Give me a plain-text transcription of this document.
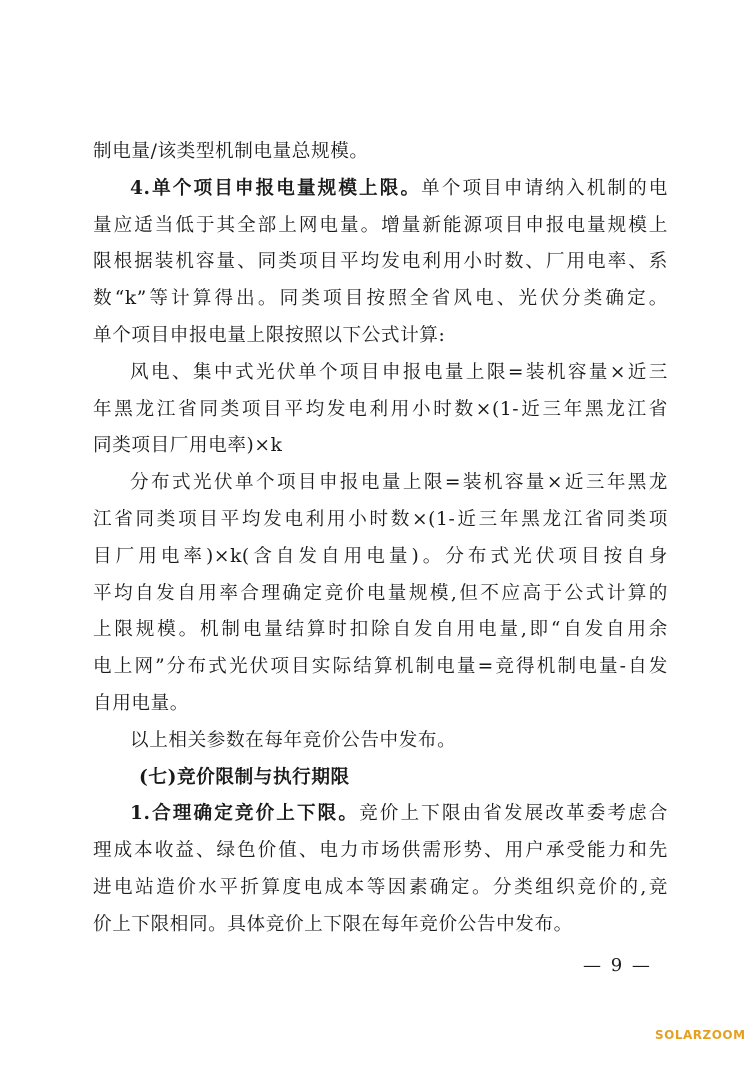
制电量/该类型机制电量总规模。
4.单个项目申报电量规模上限。单个项目申请纳入机制的电
量应适当低于其全部上网电量。增量新能源项目申报电量规模上
限根据装机容量、同类项目平均发电利用小时数、厂用电率、系
数“k”等计算得出。同类项目按照全省风电、光伏分类确定。
单个项目申报电量上限按照以下公式计算:
风电、集中式光伏单个项目申报电量上限=装机容量×近三
年黑龙江省同类项目平均发电利用小时数×(1-近三年黑龙江省
同类项目厂用电率)×k
分布式光伏单个项目申报电量上限=装机容量×近三年黑龙
江省同类项目平均发电利用小时数×(1-近三年黑龙江省同类项
目厂用电率)×k(含自发自用电量)。分布式光伏项目按自身
平均自发自用率合理确定竞价电量规模,但不应高于公式计算的
上限规模。机制电量结算时扣除自发自用电量,即“自发自用余
电上网”分布式光伏项目实际结算机制电量=竞得机制电量-自发
自用电量。
以上相关参数在每年竞价公告中发布。
(七)竞价限制与执行期限
1.合理确定竞价上下限。竞价上下限由省发展改革委考虑合
理成本收益、绿色价值、电力市场供需形势、用户承受能力和先
进电站造价水平折算度电成本等因素确定。分类组织竞价的,竞
价上下限相同。具体竞价上下限在每年竞价公告中发布。
— 9 —
SOLARZOOM
